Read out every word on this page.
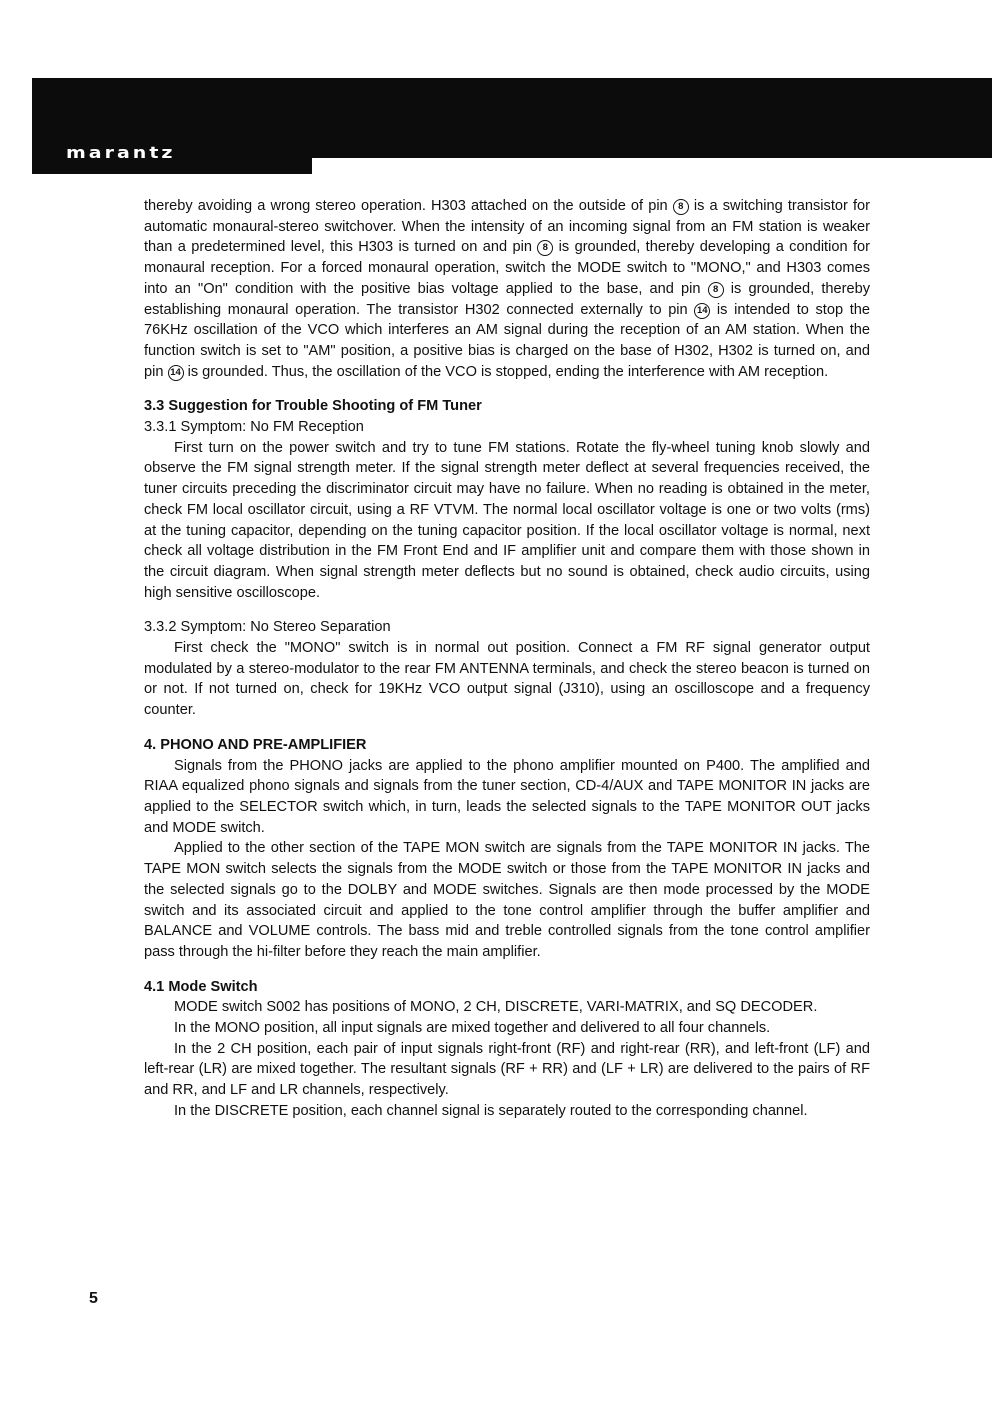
marantz

thereby avoiding a wrong stereo operation. H303 attached on the outside of pin 8 is a switching transistor for automatic monaural-stereo switchover. When the intensity of an incoming signal from an FM station is weaker than a predetermined level, this H303 is turned on and pin 8 is grounded, thereby developing a condition for monaural reception. For a forced monaural operation, switch the MODE switch to "MONO," and H303 comes into an "On" condition with the positive bias voltage applied to the base, and pin 8 is grounded, thereby establishing monaural operation. The transistor H302 connected externally to pin 14 is intended to stop the 76KHz oscillation of the VCO which interferes an AM signal during the reception of an AM station. When the function switch is set to "AM" position, a positive bias is charged on the base of H302, H302 is turned on, and pin 14 is grounded. Thus, the oscillation of the VCO is stopped, ending the interference with AM reception.

3.3 Suggestion for Trouble Shooting of FM Tuner

3.3.1 Symptom: No FM Reception

First turn on the power switch and try to tune FM stations. Rotate the fly-wheel tuning knob slowly and observe the FM signal strength meter. If the signal strength meter deflect at several frequencies received, the tuner circuits preceding the discriminator circuit may have no failure. When no reading is obtained in the meter, check FM local oscillator circuit, using a RF VTVM. The normal local oscillator voltage is one or two volts (rms) at the tuning capacitor, depending on the tuning capacitor position. If the local oscillator voltage is normal, next check all voltage distribution in the FM Front End and IF amplifier unit and compare them with those shown in the circuit diagram. When signal strength meter deflects but no sound is obtained, check audio circuits, using high sensitive oscilloscope.

3.3.2 Symptom: No Stereo Separation

First check the "MONO" switch is in normal out position. Connect a FM RF signal generator output modulated by a stereo-modulator to the rear FM ANTENNA terminals, and check the stereo beacon is turned on or not. If not turned on, check for 19KHz VCO output signal (J310), using an oscilloscope and a frequency counter.

4. PHONO AND PRE-AMPLIFIER

Signals from the PHONO jacks are applied to the phono amplifier mounted on P400. The amplified and RIAA equalized phono signals and signals from the tuner section, CD-4/AUX and TAPE MONITOR IN jacks are applied to the SELECTOR switch which, in turn, leads the selected signals to the TAPE MONITOR OUT jacks and MODE switch.

Applied to the other section of the TAPE MON switch are signals from the TAPE MONITOR IN jacks. The TAPE MON switch selects the signals from the MODE switch or those from the TAPE MONITOR IN jacks and the selected signals go to the DOLBY and MODE switches. Signals are then mode processed by the MODE switch and its associated circuit and applied to the tone control amplifier through the buffer amplifier and BALANCE and VOLUME controls. The bass mid and treble controlled signals from the tone control amplifier pass through the hi-filter before they reach the main amplifier.

4.1 Mode Switch

MODE switch S002 has positions of MONO, 2 CH, DISCRETE, VARI-MATRIX, and SQ DECODER.

In the MONO position, all input signals are mixed together and delivered to all four channels.

In the 2 CH position, each pair of input signals right-front (RF) and right-rear (RR), and left-front (LF) and left-rear (LR) are mixed together. The resultant signals (RF + RR) and (LF + LR) are delivered to the pairs of RF and RR, and LF and LR channels, respectively.

In the DISCRETE position, each channel signal is separately routed to the corresponding channel.

5
